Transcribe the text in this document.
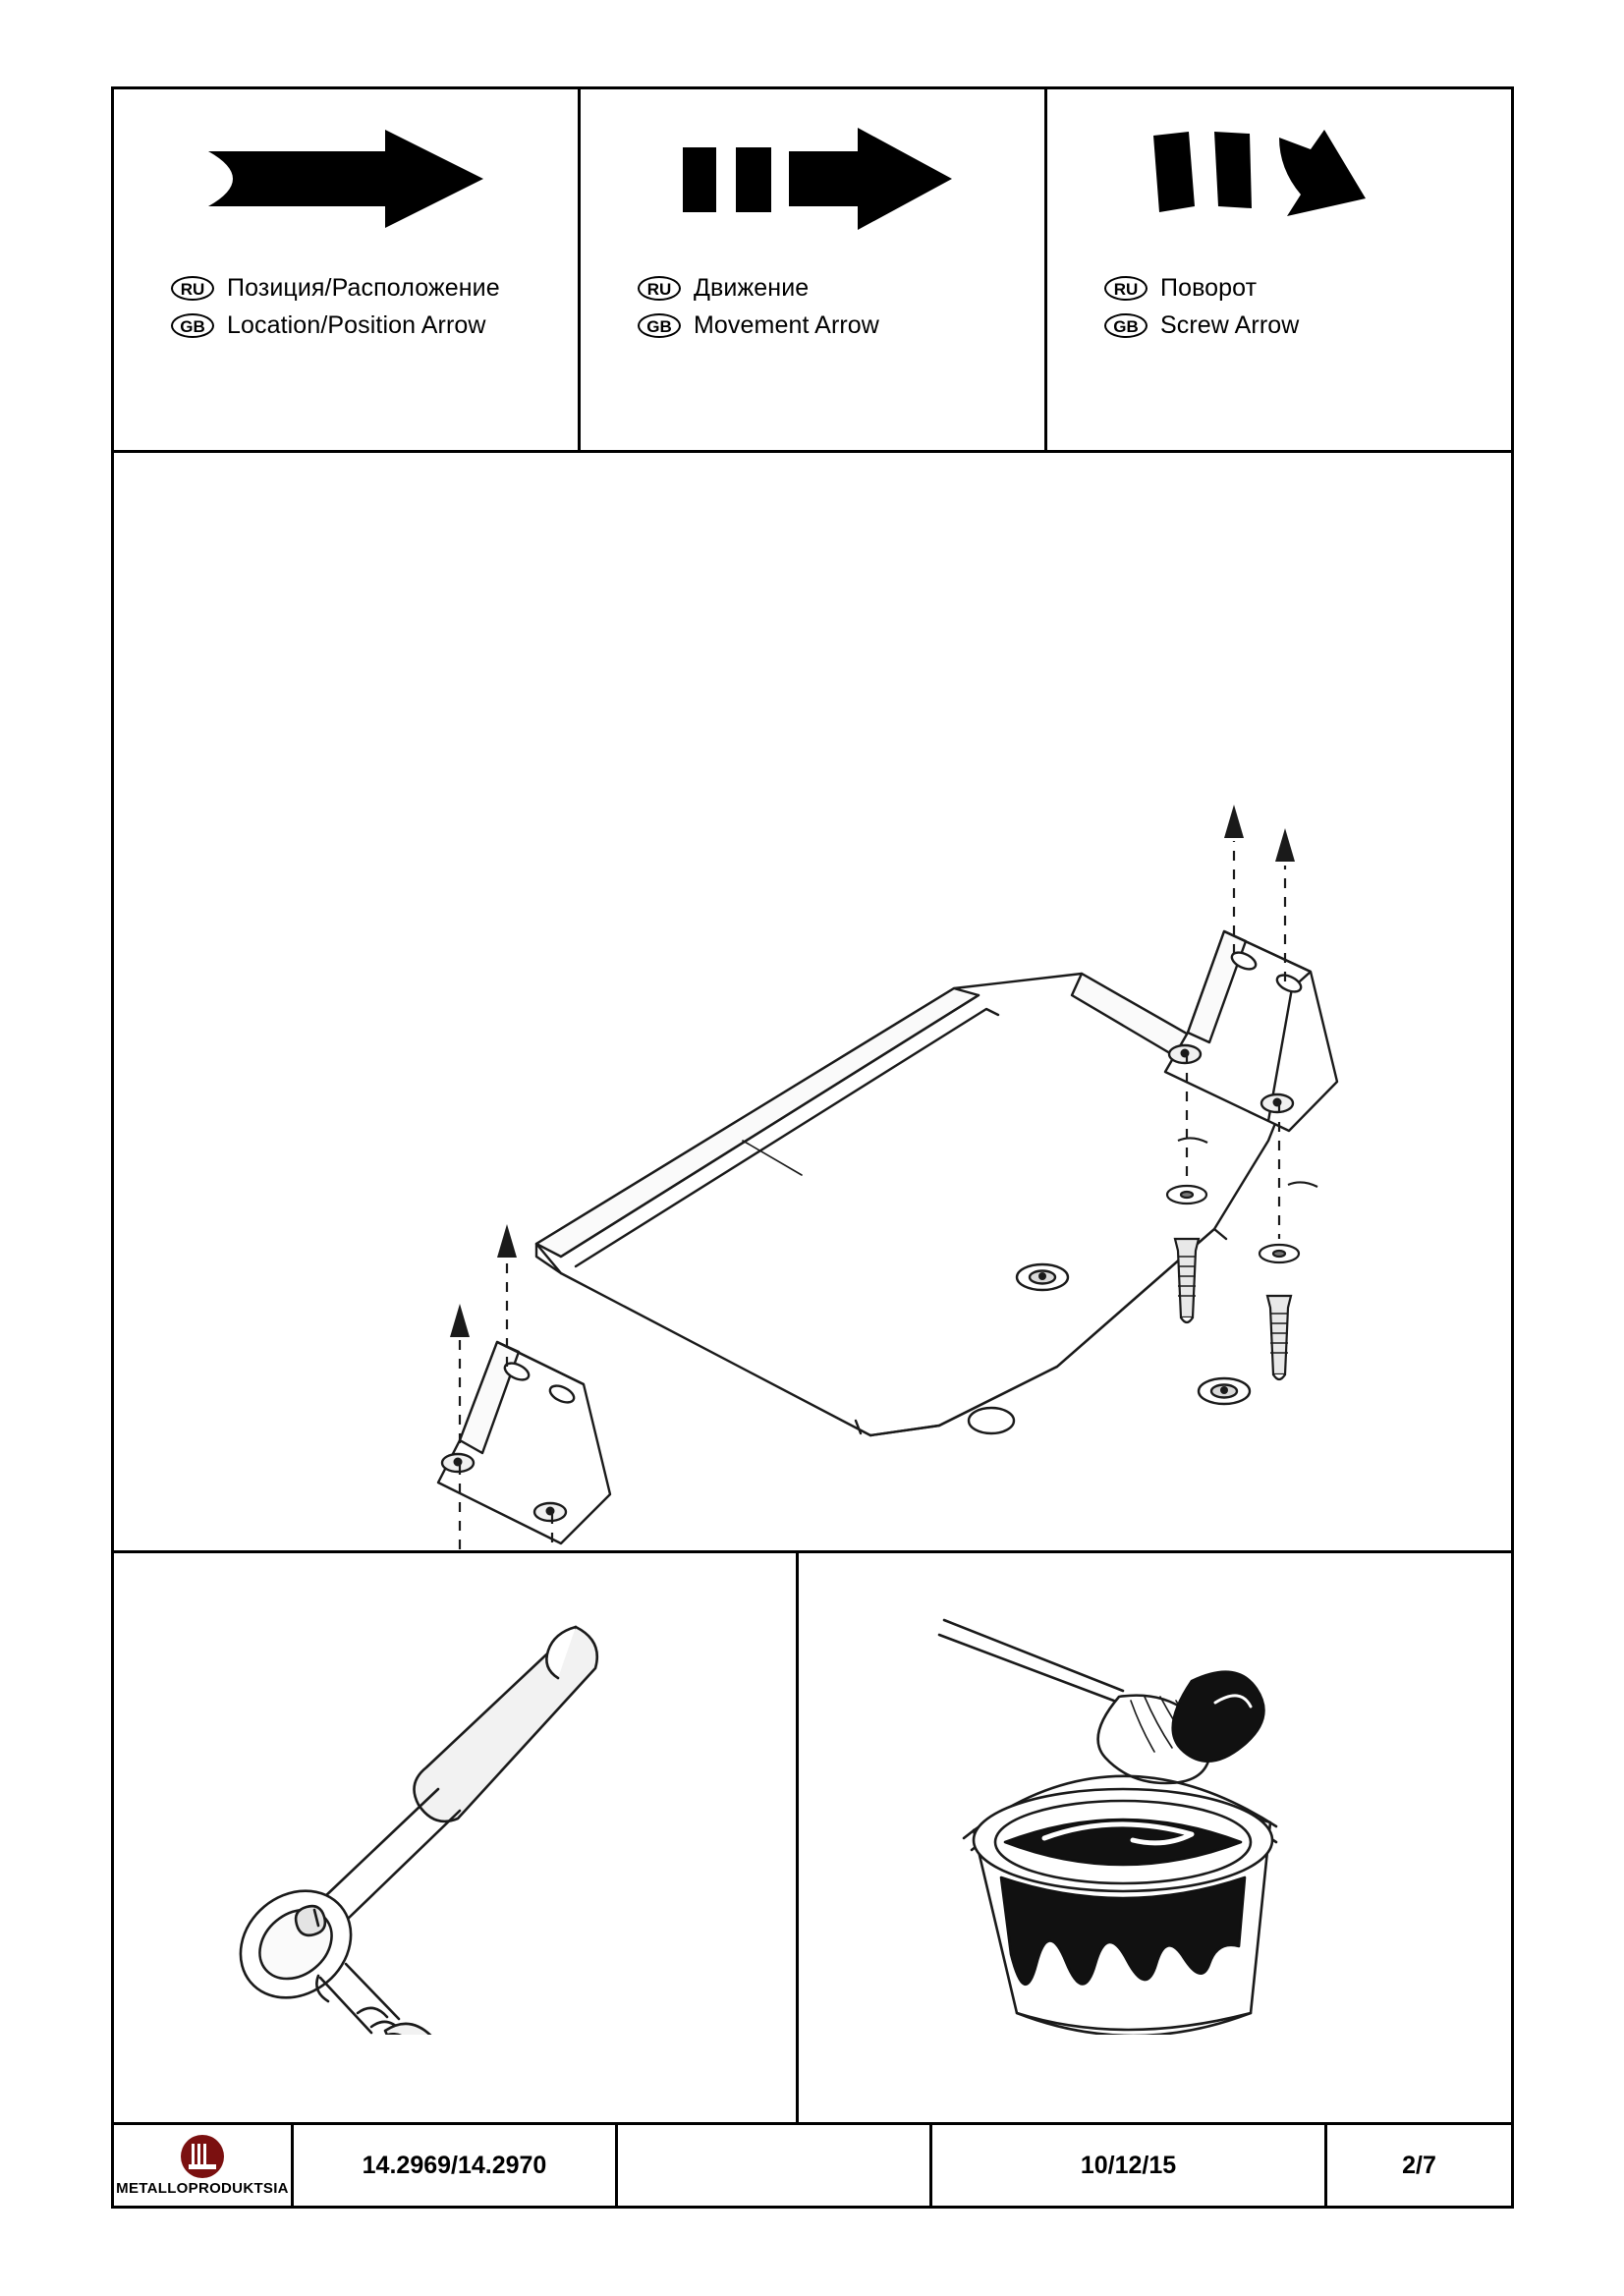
RU Позиция/Расположение
GB Location/Position Arrow
RU Движение
GB Movement Arrow
RU Поворот
GB Screw Arrow
METALLOPRODUKTSIA
14.2969/14.2970	10/12/15	2/7
